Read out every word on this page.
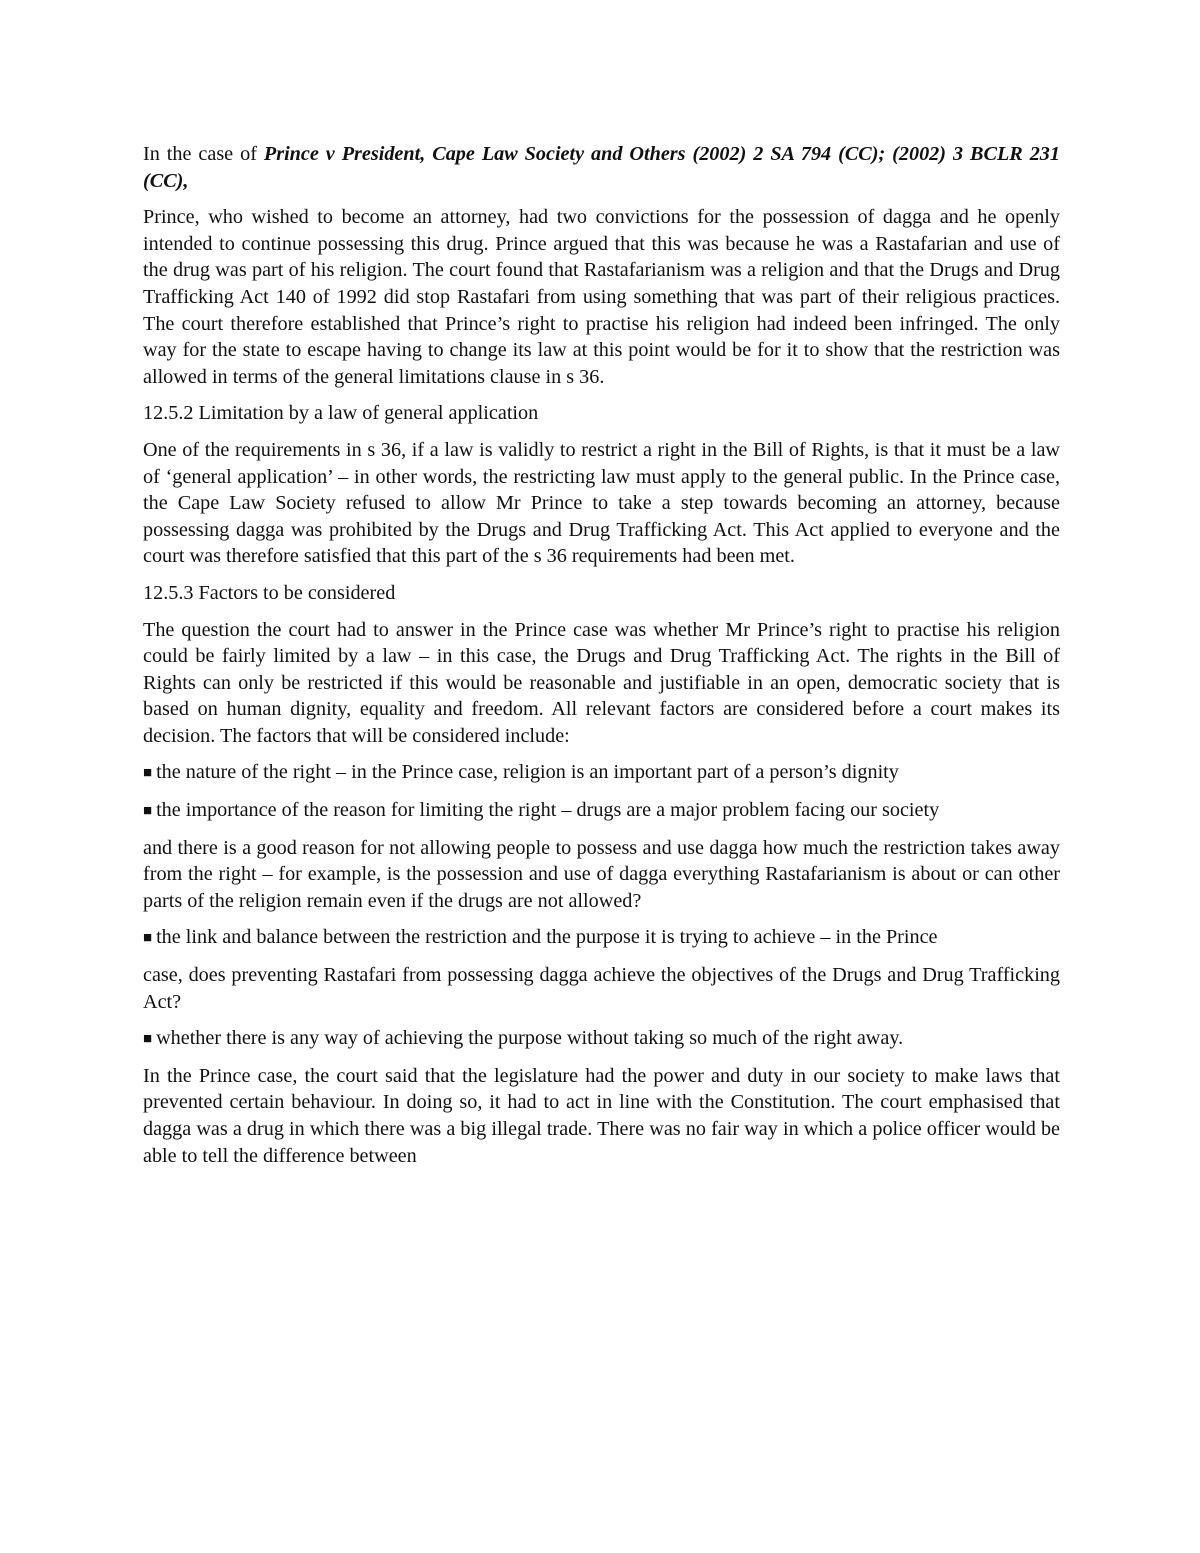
In the case of Prince v President, Cape Law Society and Others (2002) 2 SA 794 (CC); (2002) 3 BCLR 231 (CC),

Prince, who wished to become an attorney, had two convictions for the possession of dagga and he openly intended to continue possessing this drug. Prince argued that this was because he was a Rastafarian and use of the drug was part of his religion. The court found that Rastafarianism was a religion and that the Drugs and Drug Trafficking Act 140 of 1992 did stop Rastafari from using something that was part of their religious practices. The court therefore established that Prince’s right to practise his religion had indeed been infringed. The only way for the state to escape having to change its law at this point would be for it to show that the restriction was allowed in terms of the general limitations clause in s 36.

12.5.2 Limitation by a law of general application

One of the requirements in s 36, if a law is validly to restrict a right in the Bill of Rights, is that it must be a law of ‘general application’ – in other words, the restricting law must apply to the general public. In the Prince case, the Cape Law Society refused to allow Mr Prince to take a step towards becoming an attorney, because possessing dagga was prohibited by the Drugs and Drug Trafficking Act. This Act applied to everyone and the court was therefore satisfied that this part of the s 36 requirements had been met.

12.5.3 Factors to be considered

The question the court had to answer in the Prince case was whether Mr Prince’s right to practise his religion could be fairly limited by a law – in this case, the Drugs and Drug Trafficking Act. The rights in the Bill of Rights can only be restricted if this would be reasonable and justifiable in an open, democratic society that is based on human dignity, equality and freedom. All relevant factors are considered before a court makes its decision. The factors that will be considered include:

■ the nature of the right – in the Prince case, religion is an important part of a person’s dignity

■ the importance of the reason for limiting the right – drugs are a major problem facing our society

and there is a good reason for not allowing people to possess and use dagga how much the restriction takes away from the right – for example, is the possession and use of dagga everything Rastafarianism is about or can other parts of the religion remain even if the drugs are not allowed?

■ the link and balance between the restriction and the purpose it is trying to achieve – in the Prince

case, does preventing Rastafari from possessing dagga achieve the objectives of the Drugs and Drug Trafficking Act?

■ whether there is any way of achieving the purpose without taking so much of the right away.

In the Prince case, the court said that the legislature had the power and duty in our society to make laws that prevented certain behaviour. In doing so, it had to act in line with the Constitution. The court emphasised that dagga was a drug in which there was a big illegal trade. There was no fair way in which a police officer would be able to tell the difference between
